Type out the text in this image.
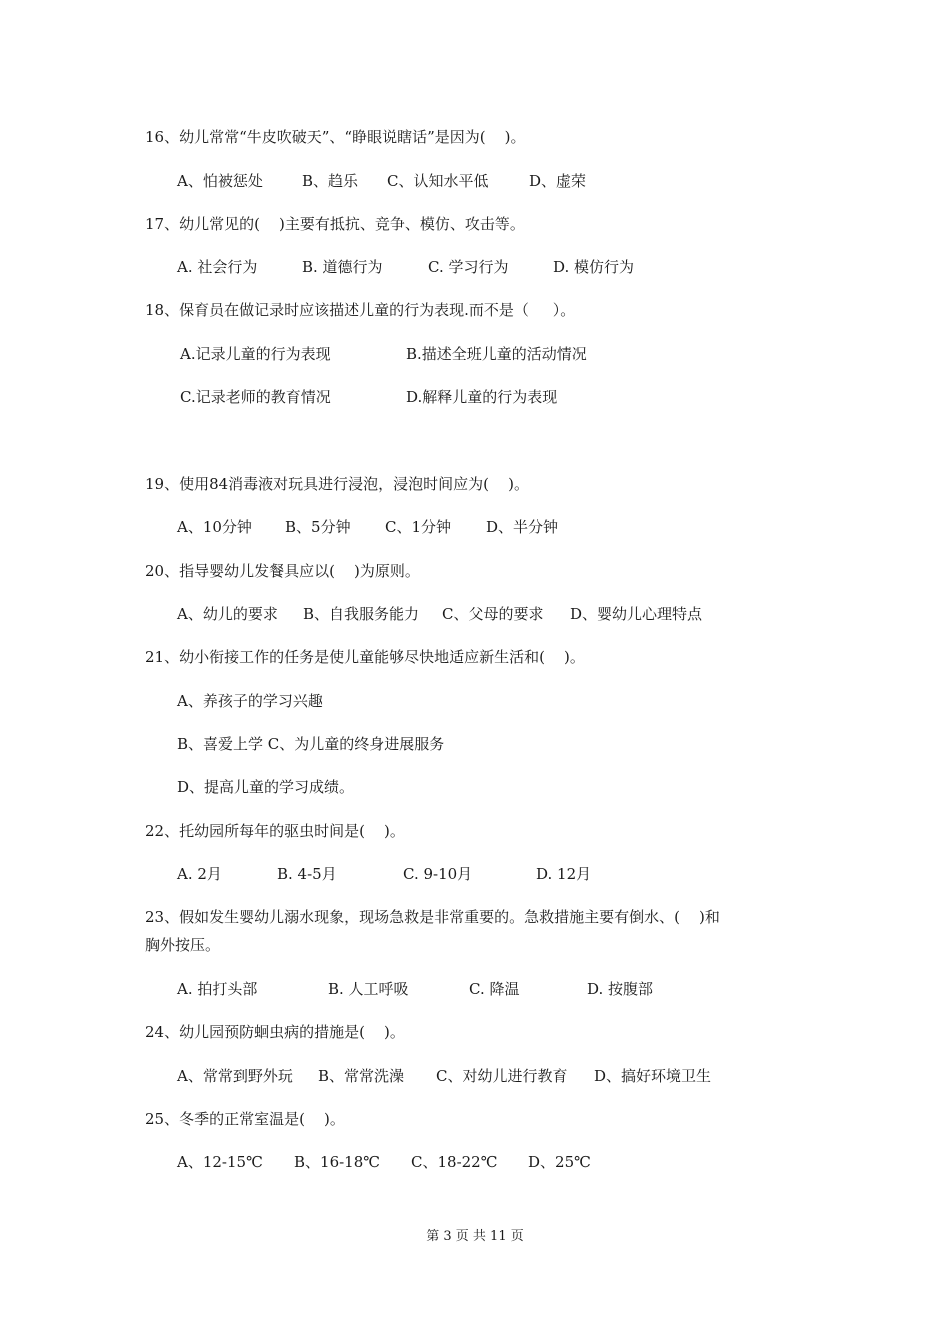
16、幼儿常常“牛皮吹破天”、“睁眼说瞎话”是因为(    )。

A、怕被惩处

	B、趋乐

C、认知水平低

	D、虚荣

17、幼儿常见的(    )主要有抵抗、竞争、模仿、攻击等。

A. 社会行为

	B. 道德行为

	C. 学习行为

	D. 模仿行为

18、保育员在做记录时应该描述儿童的行为表现.而不是（     ）。

A.记录儿童的行为表现

	B.描述全班儿童的活动情况

C.记录老师的教育情况

	D.解释儿童的行为表现

19、使用84消毒液对玩具进行浸泡，浸泡时间应为(    )。

A、10分钟

B、5分钟

C、1分钟

D、半分钟

20、指导婴幼儿发餐具应以(    )为原则。

A、幼儿的要求

B、自我服务能力

C、父母的要求

D、婴幼儿心理特点

21、幼小衔接工作的任务是使儿童能够尽快地适应新生活和(    )。
A、养孩子的学习兴趣
B、喜爱上学 C、为儿童的终身进展服务
D、提高儿童的学习成绩。
22、托幼园所每年的驱虫时间是(    )。

A. 2月

	B. 4-5月

	C. 9-10月

	D. 12月

23、假如发生婴幼儿溺水现象，现场急救是非常重要的。急救措施主要有倒水、(    )和
胸外按压。

A. 拍打头部

	B. 人工呼吸

	C. 降温

	D. 按腹部

24、幼儿园预防蛔虫病的措施是(    )。

A、常常到野外玩

B、常常洗澡

C、对幼儿进行教育

D、搞好环境卫生

25、冬季的正常室温是(    )。

A、12-15℃

B、16-18℃

C、18-22℃

D、25℃

第 3 页 共 11 页
